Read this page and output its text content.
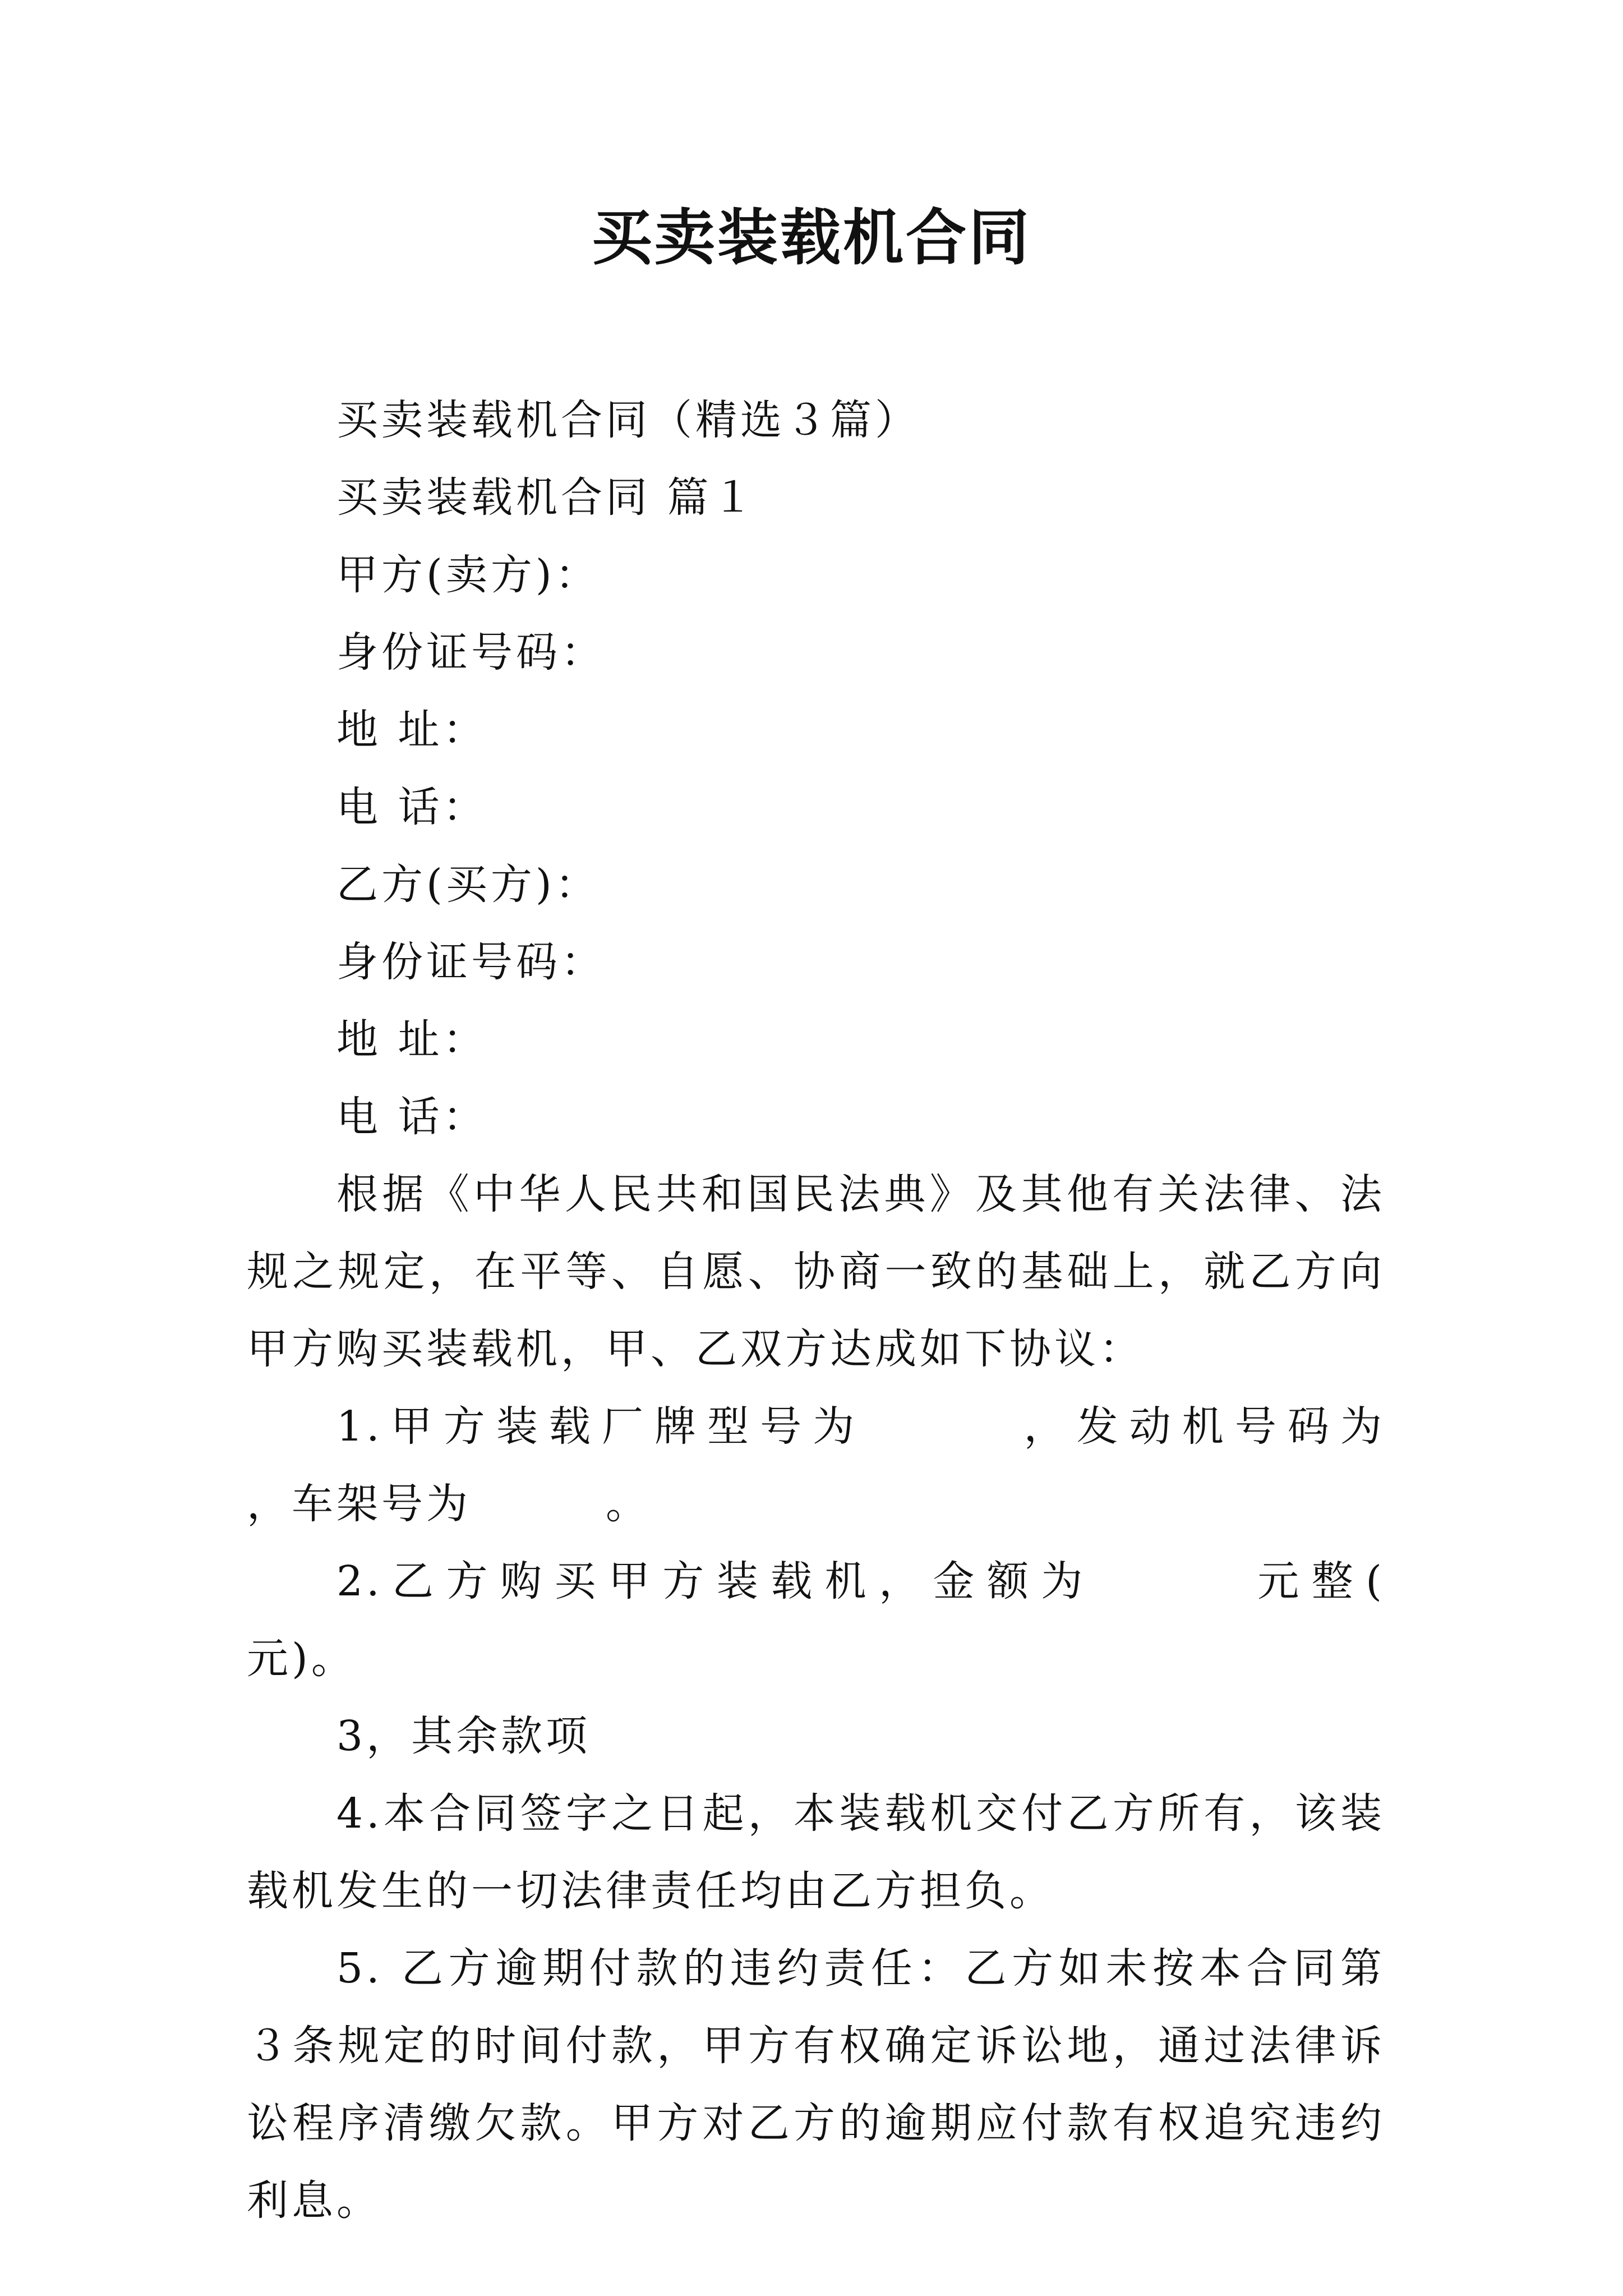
买卖装载机合同
买卖装载机合同（精选３篇）
买卖装载机合同 篇１
甲方(卖方)：
身份证号码：
地 址：
电 话：
乙方(买方)：
身份证号码：
地 址：
电 话：
根据《中华人民共和国民法典》及其他有关法律、法规之规定，在平等、自愿、协商一致的基础上，就乙方向甲方购买装载机，甲、乙双方达成如下协议：
1.甲方装载厂牌型号为　　　，发动机号码为　　　，车架号为　　　。
2.乙方购买甲方装载机，金额为　　　元整(　　　元)。
3，其余款项
4.本合同签字之日起，本装载机交付乙方所有，该装载机发生的一切法律责任均由乙方担负。
5. 乙方逾期付款的违约责任：乙方如未按本合同第３条规定的时间付款，甲方有权确定诉讼地，通过法律诉讼程序清缴欠款。甲方对乙方的逾期应付款有权追究违约利息。
